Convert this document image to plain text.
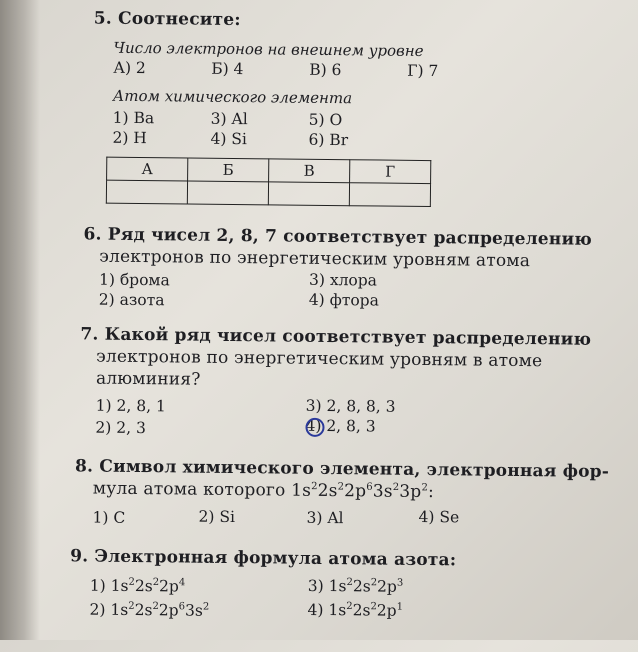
5. Соотнесите:
Число электронов на внешнем уровне
А) 2	Б) 4	В) 6	Г) 7
Атом химического элемента
1) Ba
2) H
3) Al
4) Si
5) O
6) Br
А	Б	В	Г

6. Ряд чисел 2, 8, 7 соответствует распределению
электронов по энергетическим уровням атома
1) брома
2) азота
3) хлора
4) фтора
7. Какой ряд чисел соответствует распределению
электронов по энергетическим уровням в атоме
алюминия?
1) 2, 8, 1
2) 2, 3
3) 2, 8, 8, 3
4) 2, 8, 3
8. Символ химического элемента, электронная фор-
мула атома которого $1s^22s^22p^63s^23p^2$:
1) C	2) Si	3) Al	4) Se
9. Электронная формула атома азота:
1) $1s^22s^22p^4$
2) $1s^22s^22p^63s^2$
3) $1s^22s^22p^3$
4) $1s^22s^22p^1$
